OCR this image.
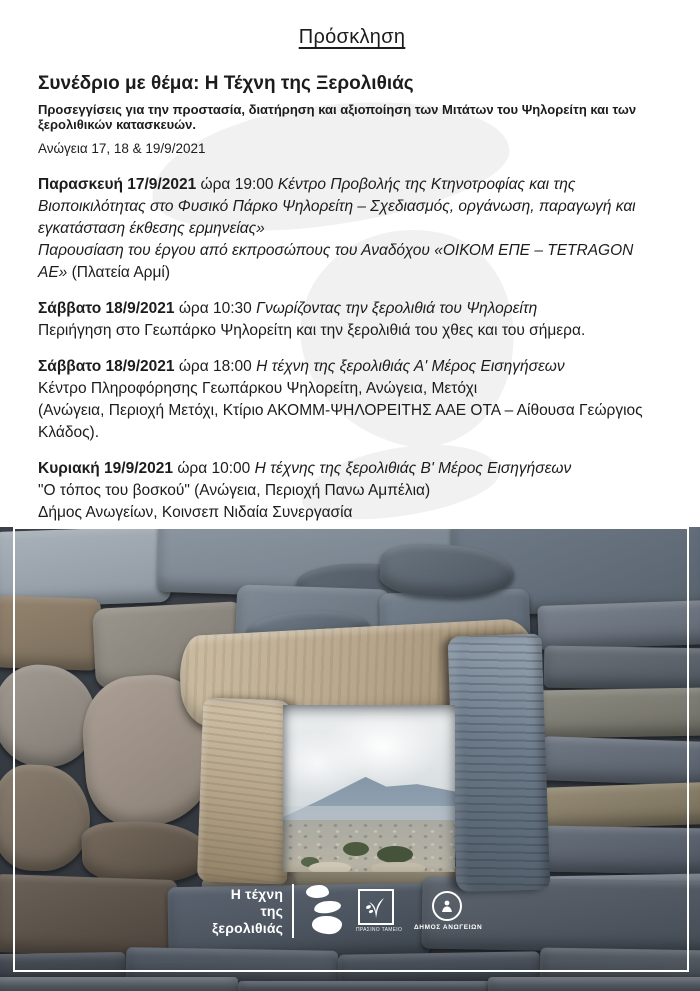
Πρόσκληση
Συνέδριο με θέμα: Η Τέχνη της Ξερολιθιάς
Προσεγγίσεις για την προστασία, διατήρηση και αξιοποίηση των Μιτάτων του Ψηλορείτη και των ξερολιθικών κατασκευών.
Ανώγεια 17, 18 & 19/9/2021
Παρασκευή 17/9/2021 ώρα 19:00 Κέντρο Προβολής της Κτηνοτροφίας και της Βιοποικιλότητας στο Φυσικό Πάρκο Ψηλορείτη – Σχεδιασμός, οργάνωση, παραγωγή και εγκατάσταση έκθεσης ερμηνείας»
Παρουσίαση του έργου από εκπροσώπους του Αναδόχου «ΟΙΚΟΜ ΕΠΕ – TETRAGON ΑΕ» (Πλατεία Αρμί)
Σάββατο 18/9/2021 ώρα 10:30 Γνωρίζοντας την ξερολιθιά του Ψηλορείτη
Περιήγηση στο Γεωπάρκο Ψηλορείτη και την ξερολιθιά του χθες και του σήμερα.
Σάββατο 18/9/2021 ώρα 18:00 Η τέχνη της ξερολιθιάς Α' Μέρος Εισηγήσεων
Κέντρο Πληροφόρησης Γεωπάρκου Ψηλορείτη, Ανώγεια, Μετόχι
(Ανώγεια, Περιοχή Μετόχι, Κτίριο ΑΚΟΜΜ-ΨΗΛΟΡΕΙΤΗΣ ΑΑΕ ΟΤΑ – Αίθουσα Γεώργιος Κλάδος).
Κυριακή 19/9/2021 ώρα 10:00 Η τέχνης της ξερολιθιάς Β' Μέρος Εισηγήσεων
"Ο τόπος του βοσκού" (Ανώγεια, Περιοχή Πανω Αμπέλια)
Δήμος Ανωγείων, Κοινσεπ Νιδαία Συνεργασία
Η τέχνη της
ξερολιθιάς	ΠΡΑΣΙΝΟ ΤΑΜΕΙΟ ΔΗΜΟΣ ΑΝΩΓΕΙΩΝ
